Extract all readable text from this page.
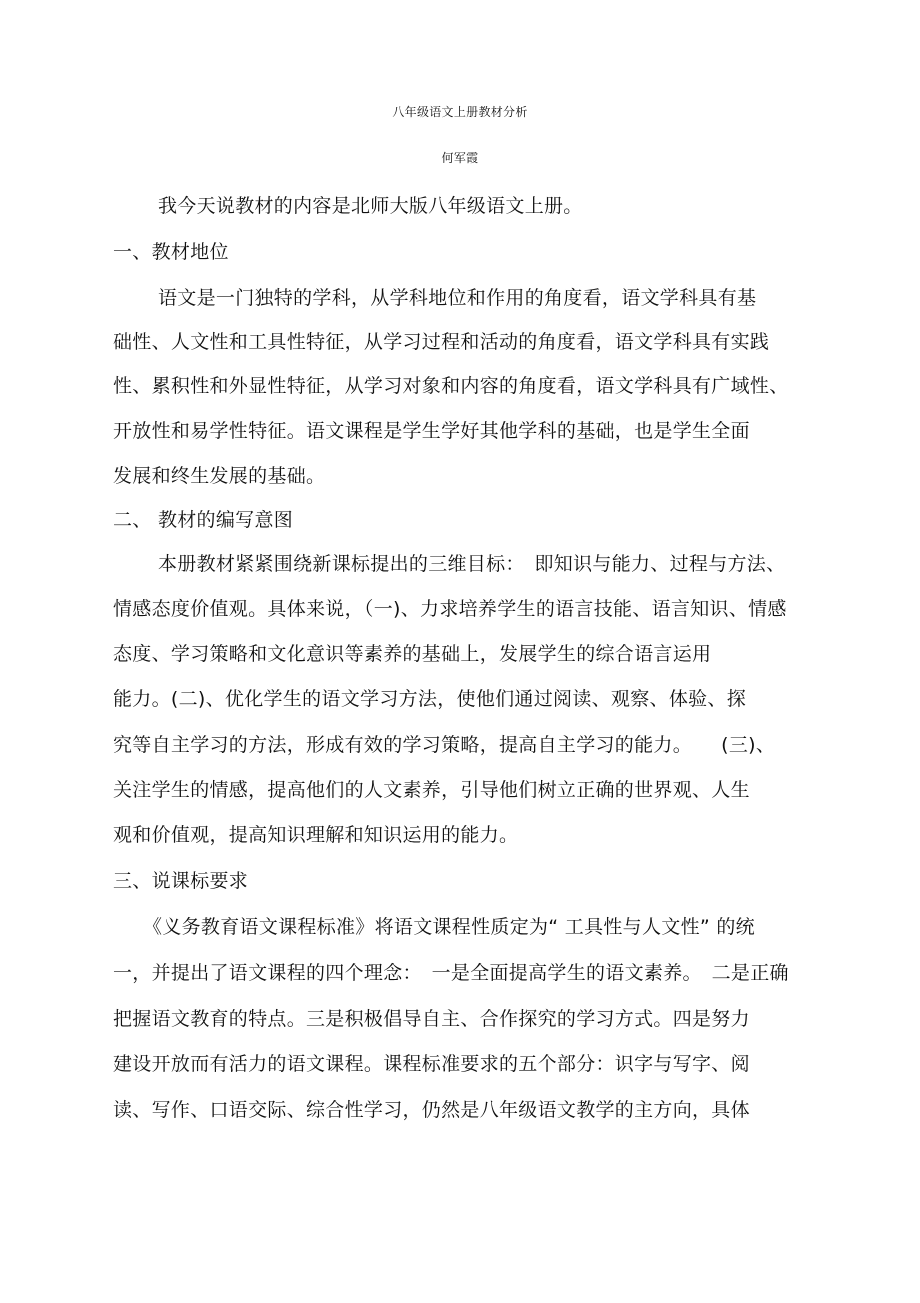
八年级语文上册教材分析
何军霞
我今天说教材的内容是北师大版八年级语文上册。
一、教材地位
语文是一门独特的学科，从学科地位和作用的角度看，语文学科具有基
础性、人文性和工具性特征，从学习过程和活动的角度看，语文学科具有实践
性、累积性和外显性特征，从学习对象和内容的角度看，语文学科具有广域性、
开放性和易学性特征。语文课程是学生学好其他学科的基础，也是学生全面
发展和终生发展的基础。
二、 教材的编写意图
本册教材紧紧围绕新课标提出的三维目标：　即知识与能力、过程与方法、
情感态度价值观。具体来说，（一)、力求培养学生的语言技能、语言知识、情感
态度、学习策略和文化意识等素养的基础上，发展学生的综合语言运用
能力。(二)、优化学生的语文学习方法，使他们通过阅读、观察、体验、探
究等自主学习的方法，形成有效的学习策略，提高自主学习的能力。　　(三)、
关注学生的情感，提高他们的人文素养，引导他们树立正确的世界观、人生
观和价值观，提高知识理解和知识运用的能力。
三、说课标要求
《义务教育语文课程标准》将语文课程性质定为“ 工具性与人文性” 的统
一，并提出了语文课程的四个理念：　一是全面提高学生的语文素养。　二是正确
把握语文教育的特点。三是积极倡导自主、合作探究的学习方式。四是努力
建设开放而有活力的语文课程。课程标准要求的五个部分：识字与写字、阅
读、写作、口语交际、综合性学习，仍然是八年级语文教学的主方向，具体
